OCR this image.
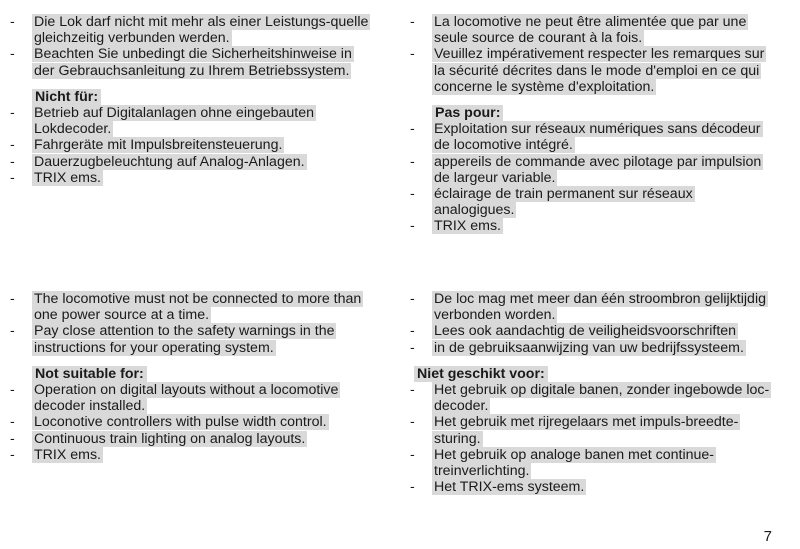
-	Die Lok darf nicht mit mehr als einer Leistungs-quelle gleichzeitig verbunden werden.
-	Beachten Sie unbedingt die Sicherheitshinweise in der Gebrauchsanleitung zu Ihrem Betriebssystem.
Nicht für:
-	Betrieb auf Digitalanlagen ohne eingebauten Lokdecoder.
-	Fahrgeräte mit Impulsbreitensteuerung.
-	Dauerzugbeleuchtung auf Analog-Anlagen.
-	TRIX ems.
-	La locomotive ne peut être alimentée que par une seule source de courant à la fois.
-	Veuillez impérativement respecter les remarques sur la sécurité décrites dans le mode d'emploi en ce qui concerne le système d'exploitation.
Pas pour:
-	Exploitation sur réseaux numériques sans décodeur de locomotive intégré.
-	appereils de commande avec pilotage par impulsion de largeur variable.
-	éclairage de train permanent sur réseaux analogigues.
-	TRIX ems.
-	The locomotive must not be connected to more than one power source at a time.
-	Pay close attention to the safety warnings in the instructions for your operating system.
Not suitable for:
-	Operation on digital layouts without a locomotive decoder installed.
-	Loconotive controllers with pulse width control.
-	Continuous train lighting on analog layouts.
-	TRIX ems.
-	De loc mag met meer dan één stroombron gelijktijdig verbonden worden.
-	Lees ook aandachtig de veiligheidsvoorschriften
-	in de gebruiksaanwijzing van uw bedrijfssysteem.
Niet geschikt voor:
-	Het gebruik op digitale banen, zonder ingebowde loc-decoder.
-	Het gebruik met rijregelaars met impuls-breedte-sturing.
-	Het gebruik op analoge banen met continue-treinverlichting.
-	Het TRIX-ems systeem.
7
